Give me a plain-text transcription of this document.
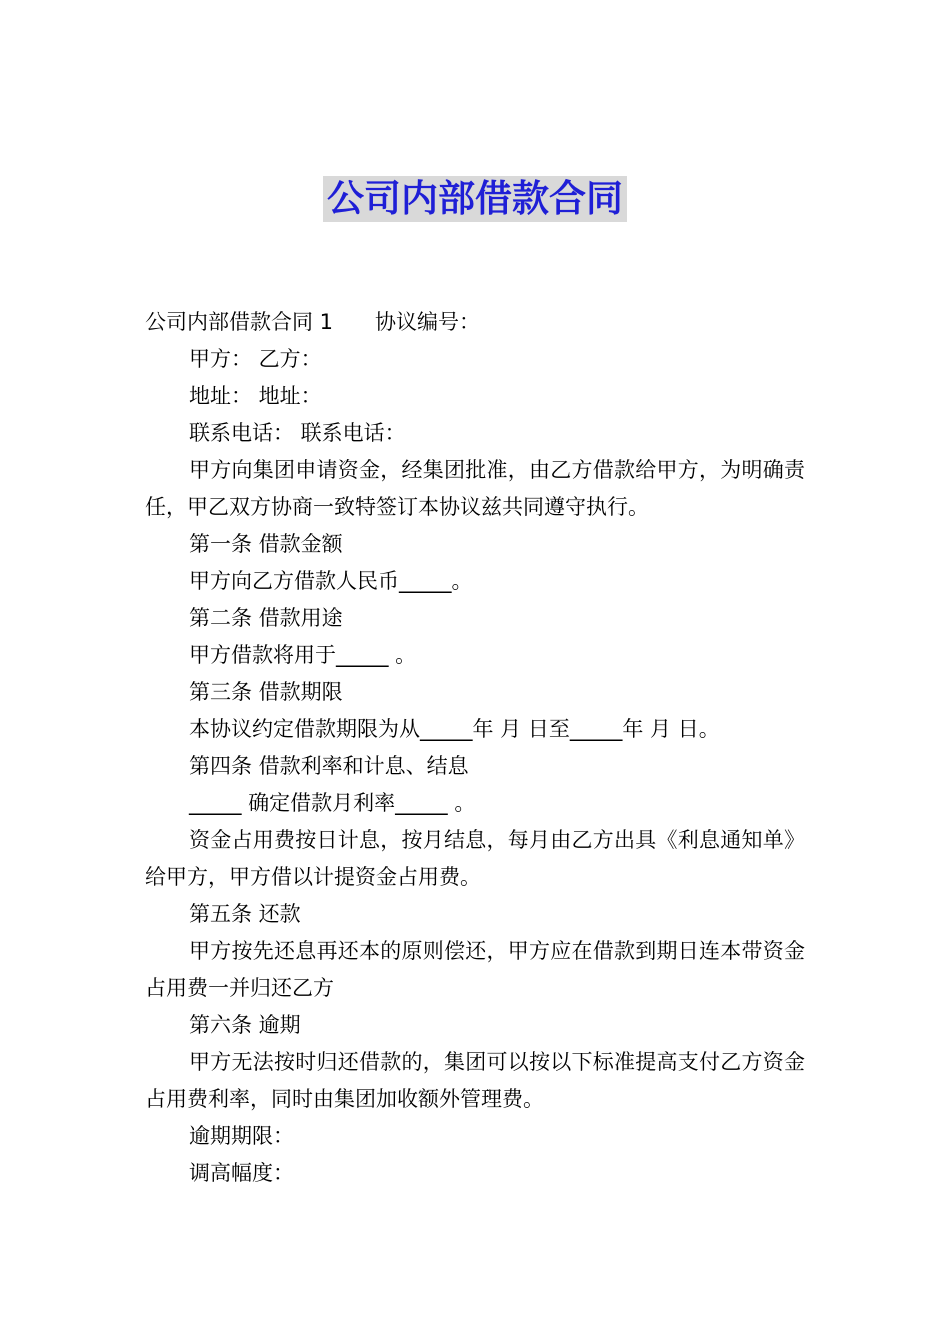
公司内部借款合同
公司内部借款合同 1 协议编号：
甲方： 乙方：
地址： 地址：
联系电话： 联系电话：
甲方向集团申请资金，经集团批准，由乙方借款给甲方，为明确责任，甲乙双方协商一致特签订本协议兹共同遵守执行。
第一条 借款金额
甲方向乙方借款人民币_____。
第二条 借款用途
甲方借款将用于_____ 。
第三条 借款期限
本协议约定借款期限为从_____年 月 日至_____年 月 日。
第四条 借款利率和计息、结息
_____ 确定借款月利率_____ 。
资金占用费按日计息，按月结息，每月由乙方出具《利息通知单》给甲方，甲方借以计提资金占用费。
第五条 还款
甲方按先还息再还本的原则偿还，甲方应在借款到期日连本带资金占用费一并归还乙方
第六条 逾期
甲方无法按时归还借款的，集团可以按以下标准提高支付乙方资金占用费利率，同时由集团加收额外管理费。
逾期期限：
调高幅度：
